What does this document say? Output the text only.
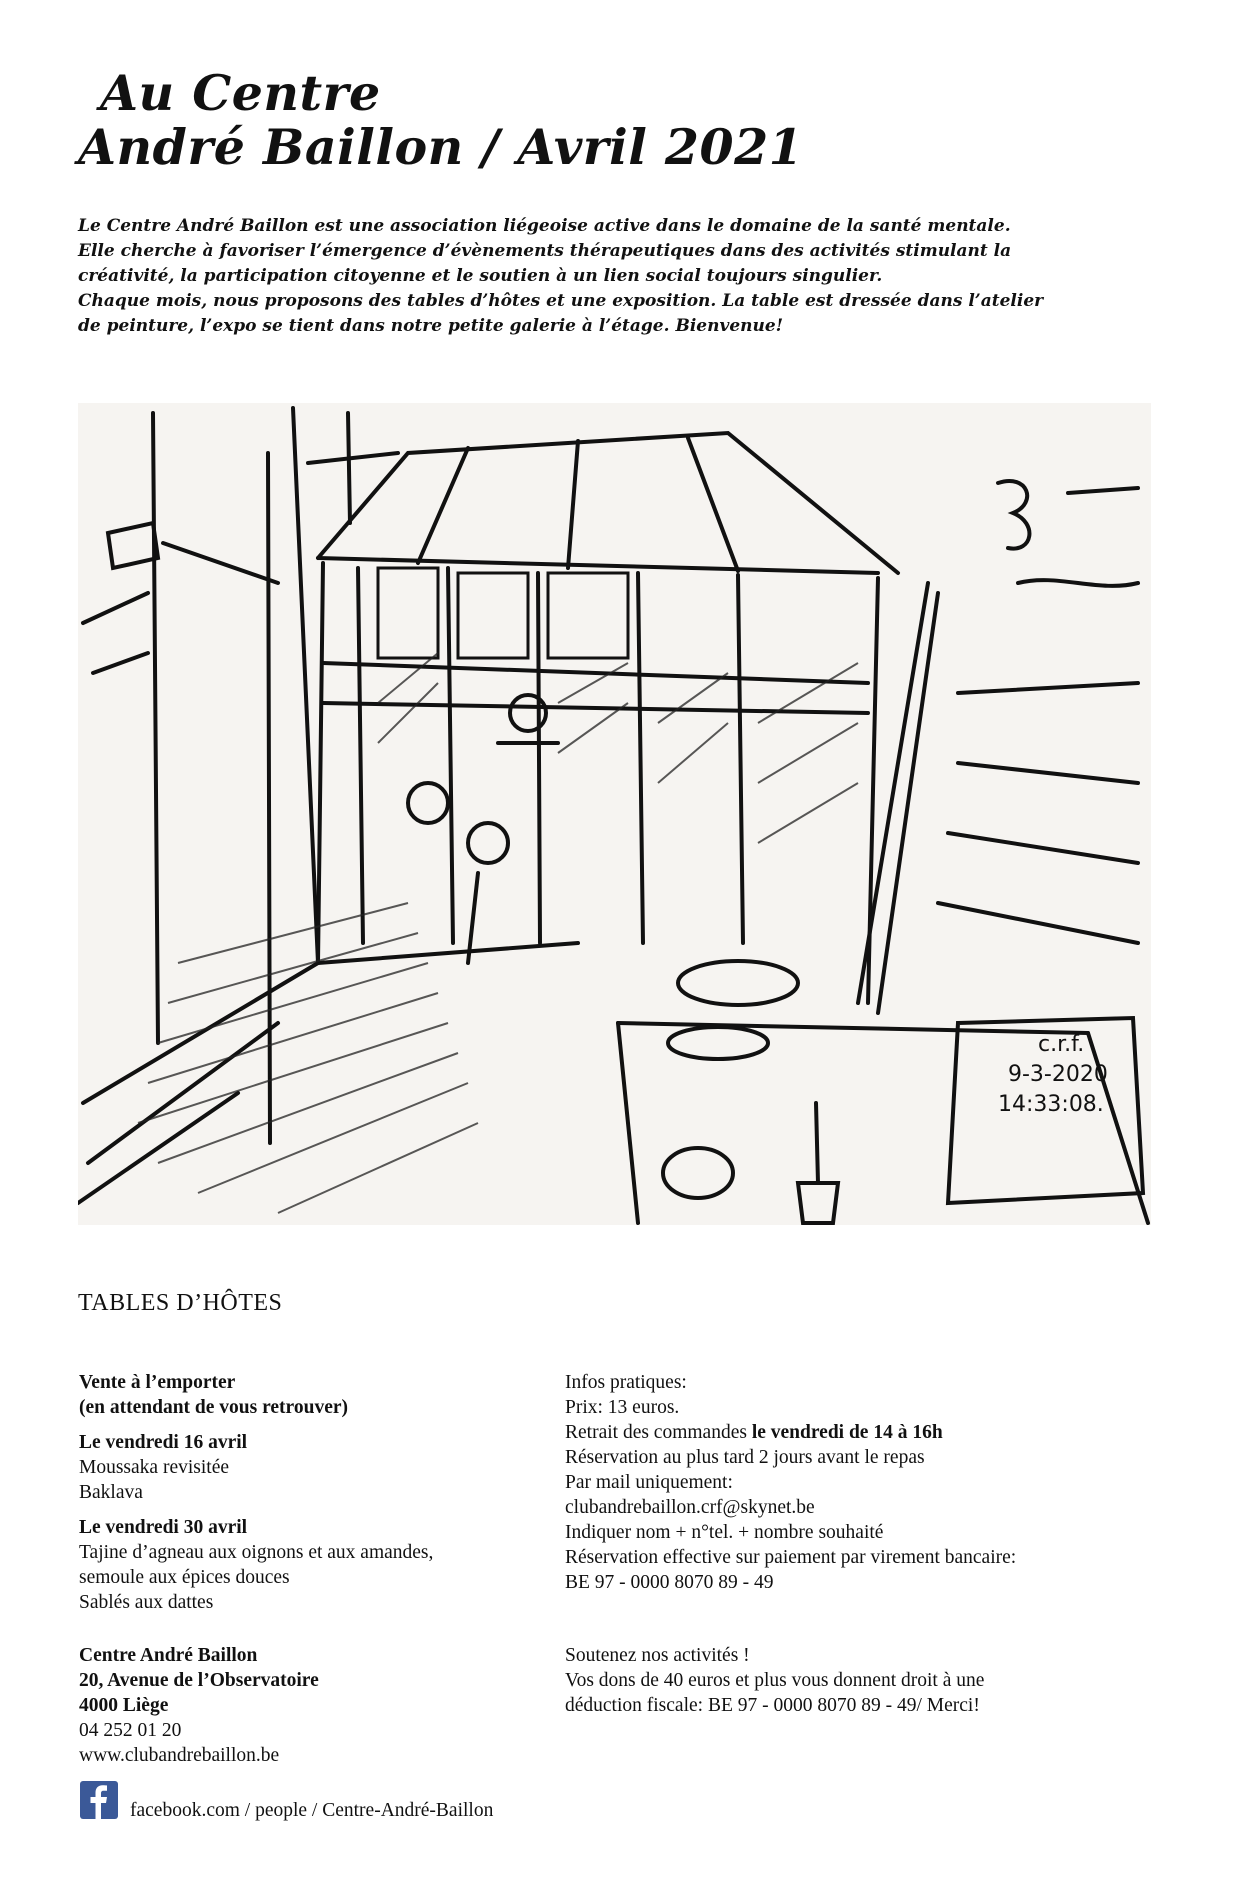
Au Centre
André Baillon / Avril 2021
Le Centre André Baillon est une association liégeoise active dans le domaine de la santé mentale.
Elle cherche à favoriser l’émergence d’évènements thérapeutiques dans des activités stimulant la
créativité, la participation citoyenne et le soutien à un lien social toujours singulier.
Chaque mois, nous proposons des tables d’hôtes et une exposition. La table est dressée dans l’atelier
de peinture, l’expo se tient dans notre petite galerie à l’étage. Bienvenue!
c.r.f.
9-3-2020
14:33:08.
TABLES D’HÔTES
Vente à l’emporter
(en attendant de vous retrouver)
Le vendredi 16 avril
Moussaka revisitée
Baklava
Le vendredi 30 avril
Tajine d’agneau aux oignons et aux amandes,
semoule aux épices douces
Sablés aux dattes
Centre André Baillon
20, Avenue de l’Observatoire
4000 Liège
04 252 01 20
www.clubandrebaillon.be
Infos pratiques:
Prix: 13 euros.
Retrait des commandes le vendredi de 14 à 16h
Réservation au plus tard 2 jours avant le repas
Par mail uniquement:
clubandrebaillon.crf@skynet.be
Indiquer nom + n°tel. + nombre souhaité
Réservation effective sur paiement par virement bancaire:
BE 97 - 0000 8070 89 - 49
Soutenez nos activités !
Vos dons de 40 euros et plus vous donnent droit à une
déduction fiscale: BE 97 - 0000 8070 89 - 49/ Merci!
facebook.com / people / Centre-André-Baillon
